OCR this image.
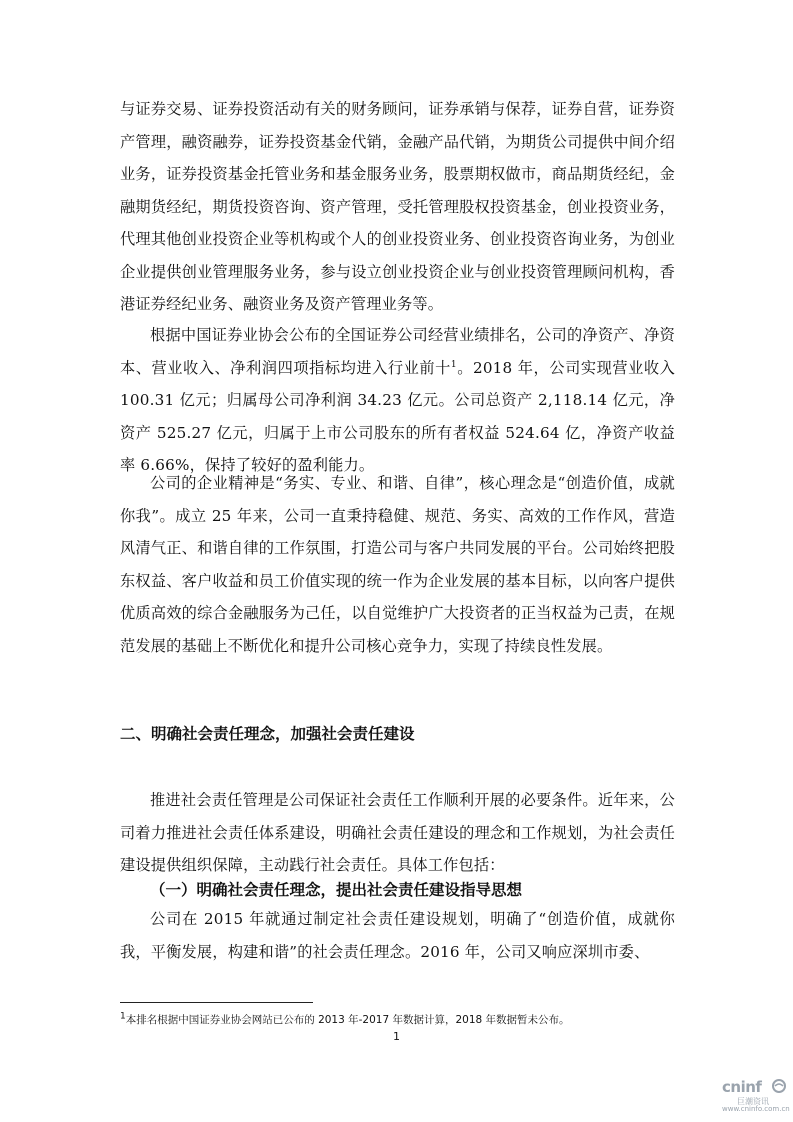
与证券交易、证券投资活动有关的财务顾问，证券承销与保荐，证券自营，证券资产管理，融资融券，证券投资基金代销，金融产品代销，为期货公司提供中间介绍业务，证券投资基金托管业务和基金服务业务，股票期权做市，商品期货经纪，金融期货经纪，期货投资咨询、资产管理，受托管理股权投资基金，创业投资业务，代理其他创业投资企业等机构或个人的创业投资业务、创业投资咨询业务，为创业企业提供创业管理服务业务，参与设立创业投资企业与创业投资管理顾问机构，香港证券经纪业务、融资业务及资产管理业务等。
根据中国证券业协会公布的全国证券公司经营业绩排名，公司的净资产、净资本、营业收入、净利润四项指标均进入行业前十$^1$。2018 年，公司实现营业收入 100.31 亿元；归属母公司净利润 34.23 亿元。公司总资产 2,118.14 亿元，净资产 525.27 亿元，归属于上市公司股东的所有者权益 524.64 亿，净资产收益率 6.66%，保持了较好的盈利能力。
公司的企业精神是“务实、专业、和谐、自律”，核心理念是“创造价值，成就你我”。成立 25 年来，公司一直秉持稳健、规范、务实、高效的工作作风，营造风清气正、和谐自律的工作氛围，打造公司与客户共同发展的平台。公司始终把股东权益、客户收益和员工价值实现的统一作为企业发展的基本目标，以向客户提供优质高效的综合金融服务为己任，以自觉维护广大投资者的正当权益为己责，在规范发展的基础上不断优化和提升公司核心竞争力，实现了持续良性发展。
二、明确社会责任理念，加强社会责任建设
推进社会责任管理是公司保证社会责任工作顺利开展的必要条件。近年来，公司着力推进社会责任体系建设，明确社会责任建设的理念和工作规划，为社会责任建设提供组织保障，主动践行社会责任。具体工作包括：
（一）明确社会责任理念，提出社会责任建设指导思想
公司在 2015 年就通过制定社会责任建设规划，明确了“创造价值，成就你我，平衡发展，构建和谐”的社会责任理念。2016 年，公司又响应深圳市委、
$^1$本排名根据中国证券业协会网站已公布的 2013 年-2017 年数据计算，2018 年数据暂未公布。
1
cninf
巨潮资讯
www.cninfo.com.cn
